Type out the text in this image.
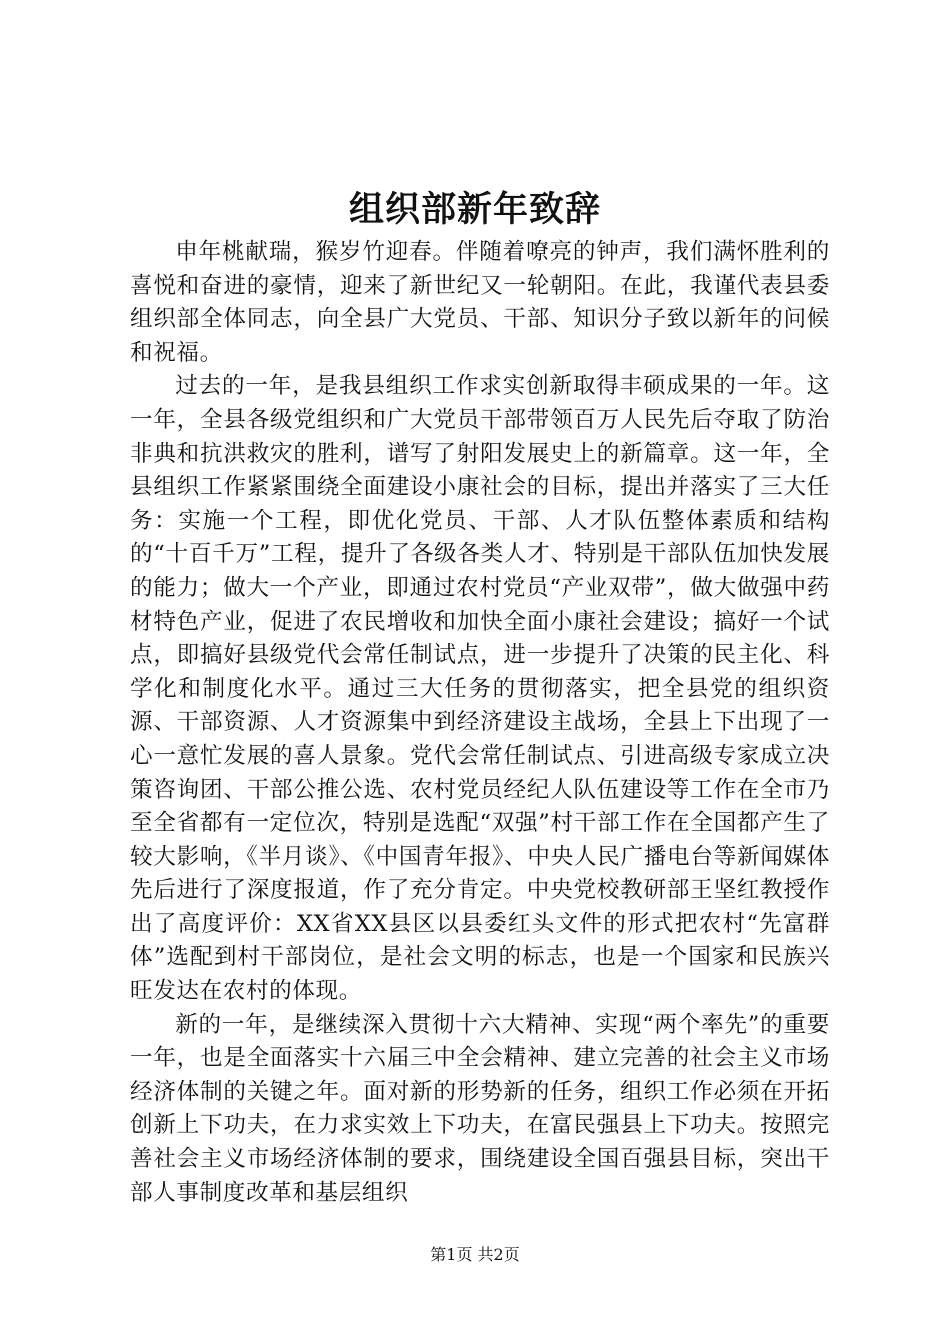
组织部新年致辞

申年桃献瑞，猴岁竹迎春。伴随着嘹亮的钟声，我们满怀胜利的喜悦和奋进的豪情，迎来了新世纪又一轮朝阳。在此，我谨代表县委组织部全体同志，向全县广大党员、干部、知识分子致以新年的问候和祝福。

过去的一年，是我县组织工作求实创新取得丰硕成果的一年。这一年，全县各级党组织和广大党员干部带领百万人民先后夺取了防治非典和抗洪救灾的胜利，谱写了射阳发展史上的新篇章。这一年，全县组织工作紧紧围绕全面建设小康社会的目标，提出并落实了三大任务：实施一个工程，即优化党员、干部、人才队伍整体素质和结构的“十百千万”工程，提升了各级各类人才、特别是干部队伍加快发展的能力；做大一个产业，即通过农村党员“产业双带”，做大做强中药材特色产业，促进了农民增收和加快全面小康社会建设；搞好一个试点，即搞好县级党代会常任制试点，进一步提升了决策的民主化、科学化和制度化水平。通过三大任务的贯彻落实，把全县党的组织资源、干部资源、人才资源集中到经济建设主战场，全县上下出现了一心一意忙发展的喜人景象。党代会常任制试点、引进高级专家成立决策咨询团、干部公推公选、农村党员经纪人队伍建设等工作在全市乃至全省都有一定位次，特别是选配“双强”村干部工作在全国都产生了较大影响，《半月谈》、《中国青年报》、中央人民广播电台等新闻媒体先后进行了深度报道，作了充分肯定。中央党校教研部王坚红教授作出了高度评价：XX省XX县区以县委红头文件的形式把农村“先富群体”选配到村干部岗位，是社会文明的标志，也是一个国家和民族兴旺发达在农村的体现。

新的一年，是继续深入贯彻十六大精神、实现“两个率先”的重要一年，也是全面落实十六届三中全会精神、建立完善的社会主义市场经济体制的关键之年。面对新的形势新的任务，组织工作必须在开拓创新上下功夫，在力求实效上下功夫，在富民强县上下功夫。按照完善社会主义市场经济体制的要求，围绕建设全国百强县目标，突出干部人事制度改革和基层组织

第1页 共2页
